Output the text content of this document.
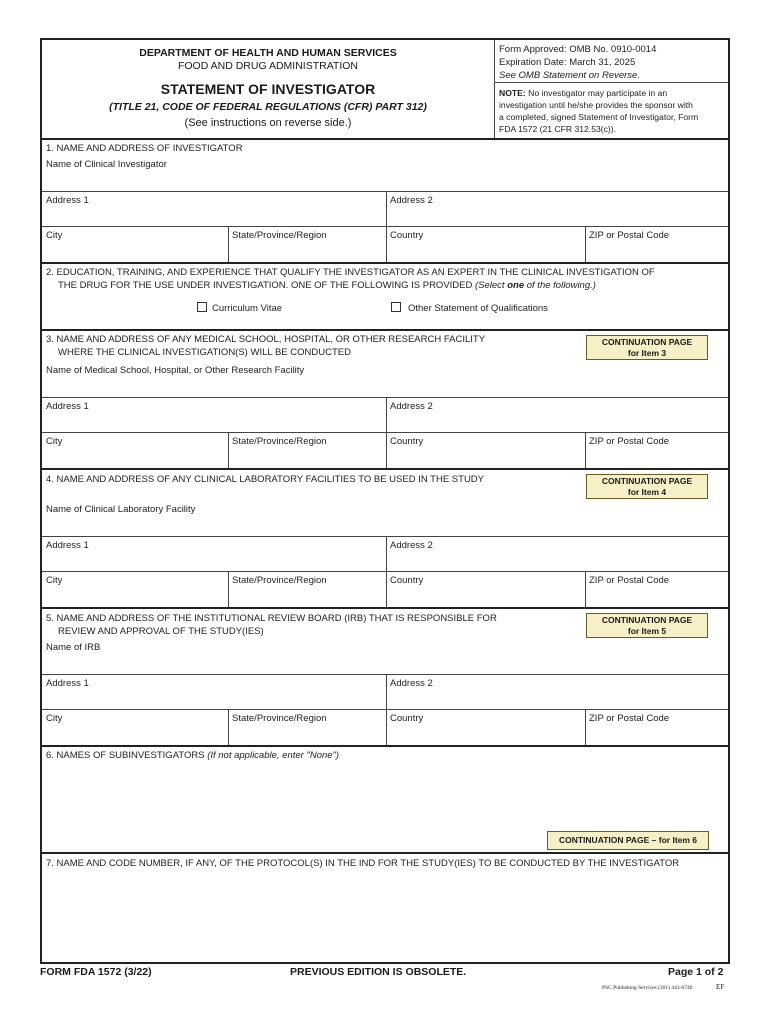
DEPARTMENT OF HEALTH AND HUMAN SERVICES
FOOD AND DRUG ADMINISTRATION
STATEMENT OF INVESTIGATOR
(TITLE 21, CODE OF FEDERAL REGULATIONS (CFR) PART 312)
(See instructions on reverse side.)
Form Approved: OMB No. 0910-0014
Expiration Date: March 31, 2025
See OMB Statement on Reverse.
NOTE: No investigator may participate in an
investigation until he/she provides the sponsor with
a completed, signed Statement of Investigator, Form
FDA 1572 (21 CFR 312.53(c)).
1. NAME AND ADDRESS OF INVESTIGATOR
Name of Clinical Investigator
Address 1	Address 2
City	State/Province/Region	Country	ZIP or Postal Code
2. EDUCATION, TRAINING, AND EXPERIENCE THAT QUALIFY THE INVESTIGATOR AS AN EXPERT IN THE CLINICAL INVESTIGATION OF
THE DRUG FOR THE USE UNDER INVESTIGATION. ONE OF THE FOLLOWING IS PROVIDED (Select one of the following.)
Curriculum Vitae	Other Statement of Qualifications
3. NAME AND ADDRESS OF ANY MEDICAL SCHOOL, HOSPITAL, OR OTHER RESEARCH FACILITY
WHERE THE CLINICAL INVESTIGATION(S) WILL BE CONDUCTED
CONTINUATION PAGE
for Item 3
Name of Medical School, Hospital, or Other Research Facility
Address 1	Address 2
City	State/Province/Region	Country	ZIP or Postal Code
4. NAME AND ADDRESS OF ANY CLINICAL LABORATORY FACILITIES TO BE USED IN THE STUDY	CONTINUATION PAGE
for Item 4
Name of Clinical Laboratory Facility
Address 1	Address 2
City	State/Province/Region	Country	ZIP or Postal Code
5. NAME AND ADDRESS OF THE INSTITUTIONAL REVIEW BOARD (IRB) THAT IS RESPONSIBLE FOR
REVIEW AND APPROVAL OF THE STUDY(IES)
CONTINUATION PAGE
for Item 5
Name of IRB
Address 1	Address 2
City	State/Province/Region	Country	ZIP or Postal Code
6. NAMES OF SUBINVESTIGATORS (If not applicable, enter "None")
CONTINUATION PAGE – for Item 6
7. NAME AND CODE NUMBER, IF ANY, OF THE PROTOCOL(S) IN THE IND FOR THE STUDY(IES) TO BE CONDUCTED BY THE INVESTIGATOR
FORM FDA 1572 (3/22)	PREVIOUS EDITION IS OBSOLETE.	Page 1 of 2
PSC Publishing Services (301) 443-6740	EF
